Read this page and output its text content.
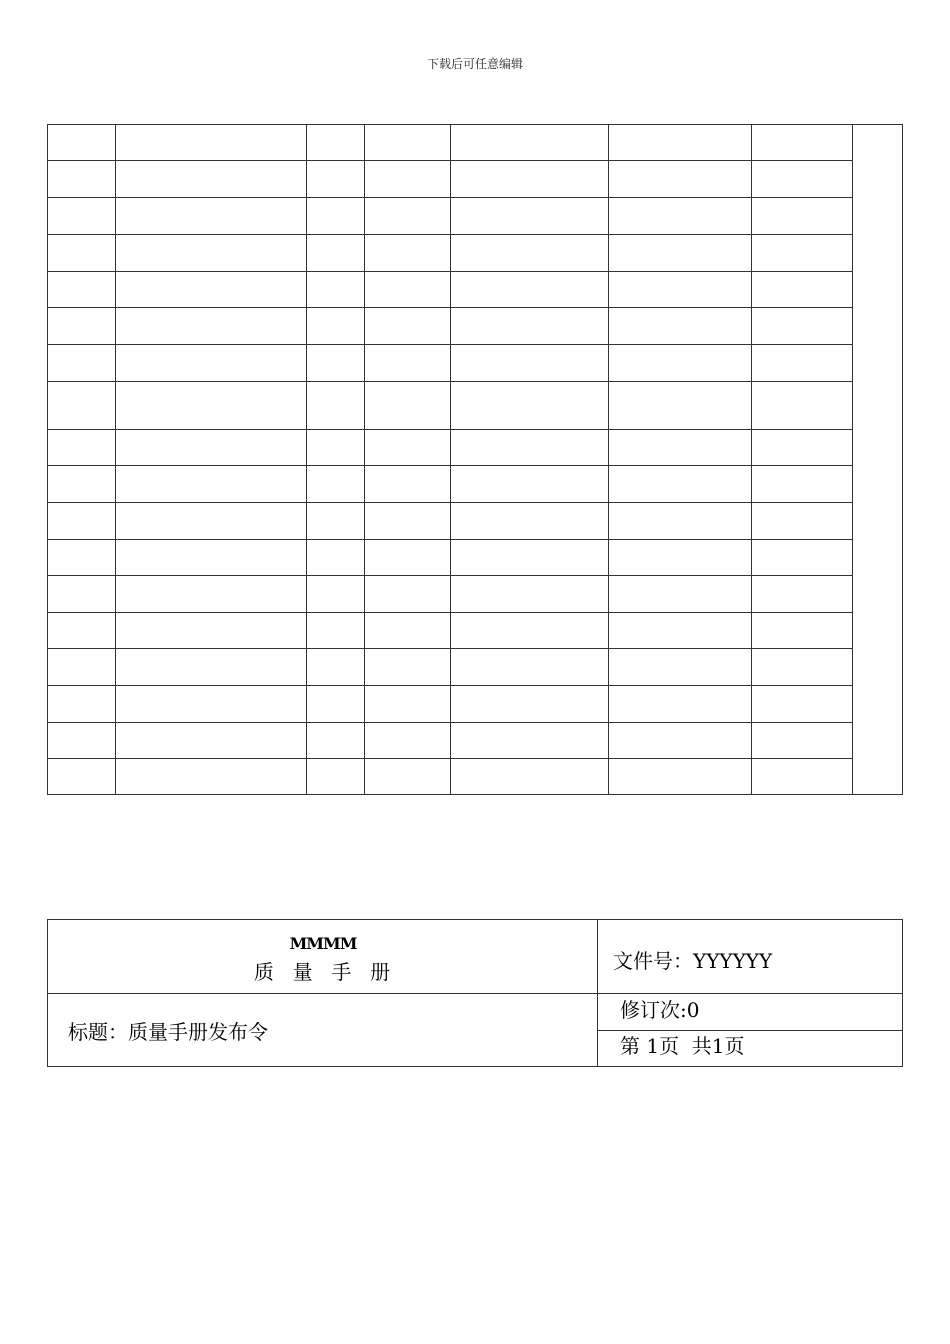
下载后可任意编辑
MMMM
质  量  手  册	文件号：YYYYYY
标题：质量手册发布令
修订次:0
第 1页  共1页
